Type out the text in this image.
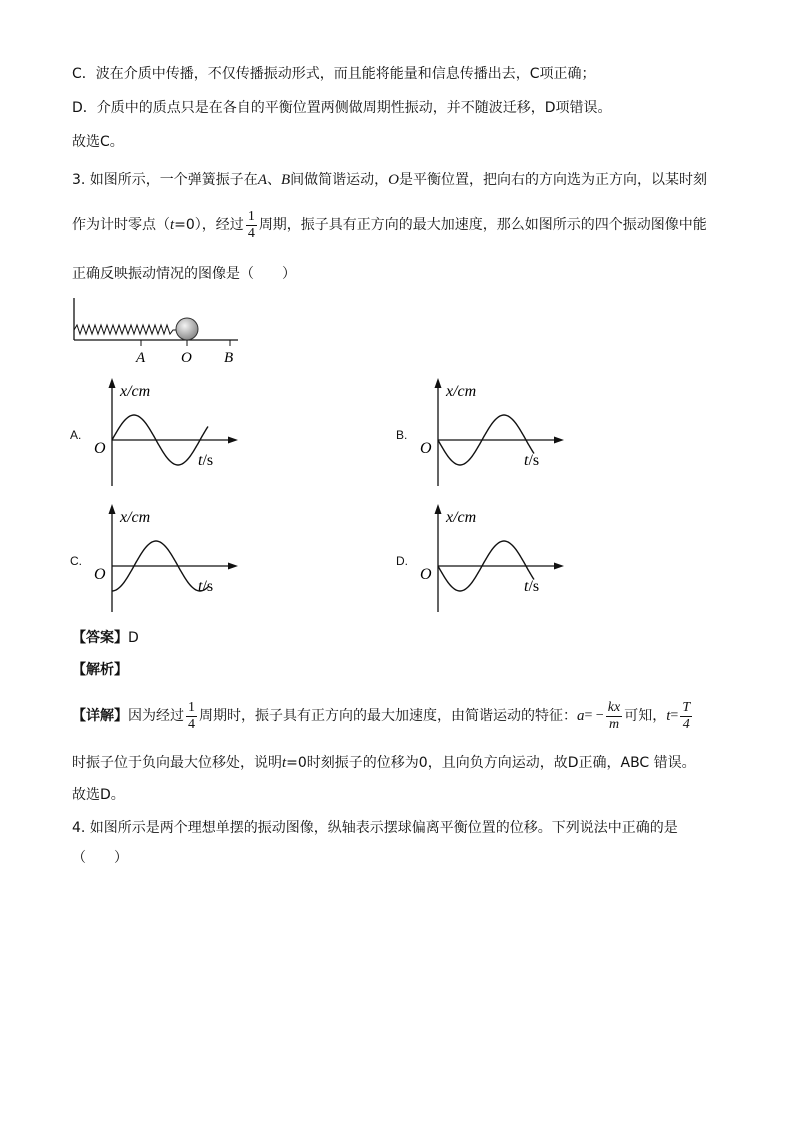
C．波在介质中传播，不仅传播振动形式，而且能将能量和信息传播出去，C项正确；
D．介质中的质点只是在各自的平衡位置两侧做周期性振动，并不随波迁移，D项错误。
故选C。
3. 如图所示，一个弹簧振子在A、B间做简谐运动，O是平衡位置，把向右的方向选为正方向，以某时刻
作为计时零点（ t =0），经过 $\frac{1}{4}$ 周期，振子具有正方向的最大加速度，那么如图所示的四个振动图像中能
正确反映振动情况的图像是（　　）
A O B
A.
x/cm
O
t/s
B.
x/cm
O
t/s
C.
x/cm
O
t/s
D.
x/cm
O
t/s
【答案】D
【解析】
【详解】 因为经过 $\frac{1}{4}$ 周期时，振子具有正方向的最大加速度，由简谐运动的特征： a = − $\frac{kx}{m}$ 可知， $t = \frac{T}{4}$
时振子位于负向最大位移处，说明t=0时刻振子的位移为0，且向负方向运动，故D正确，ABC 错误。
故选D。
4. 如图所示是两个理想单摆的振动图像，纵轴表示摆球偏离平衡位置的位移。下列说法中正确的是
（　　）
